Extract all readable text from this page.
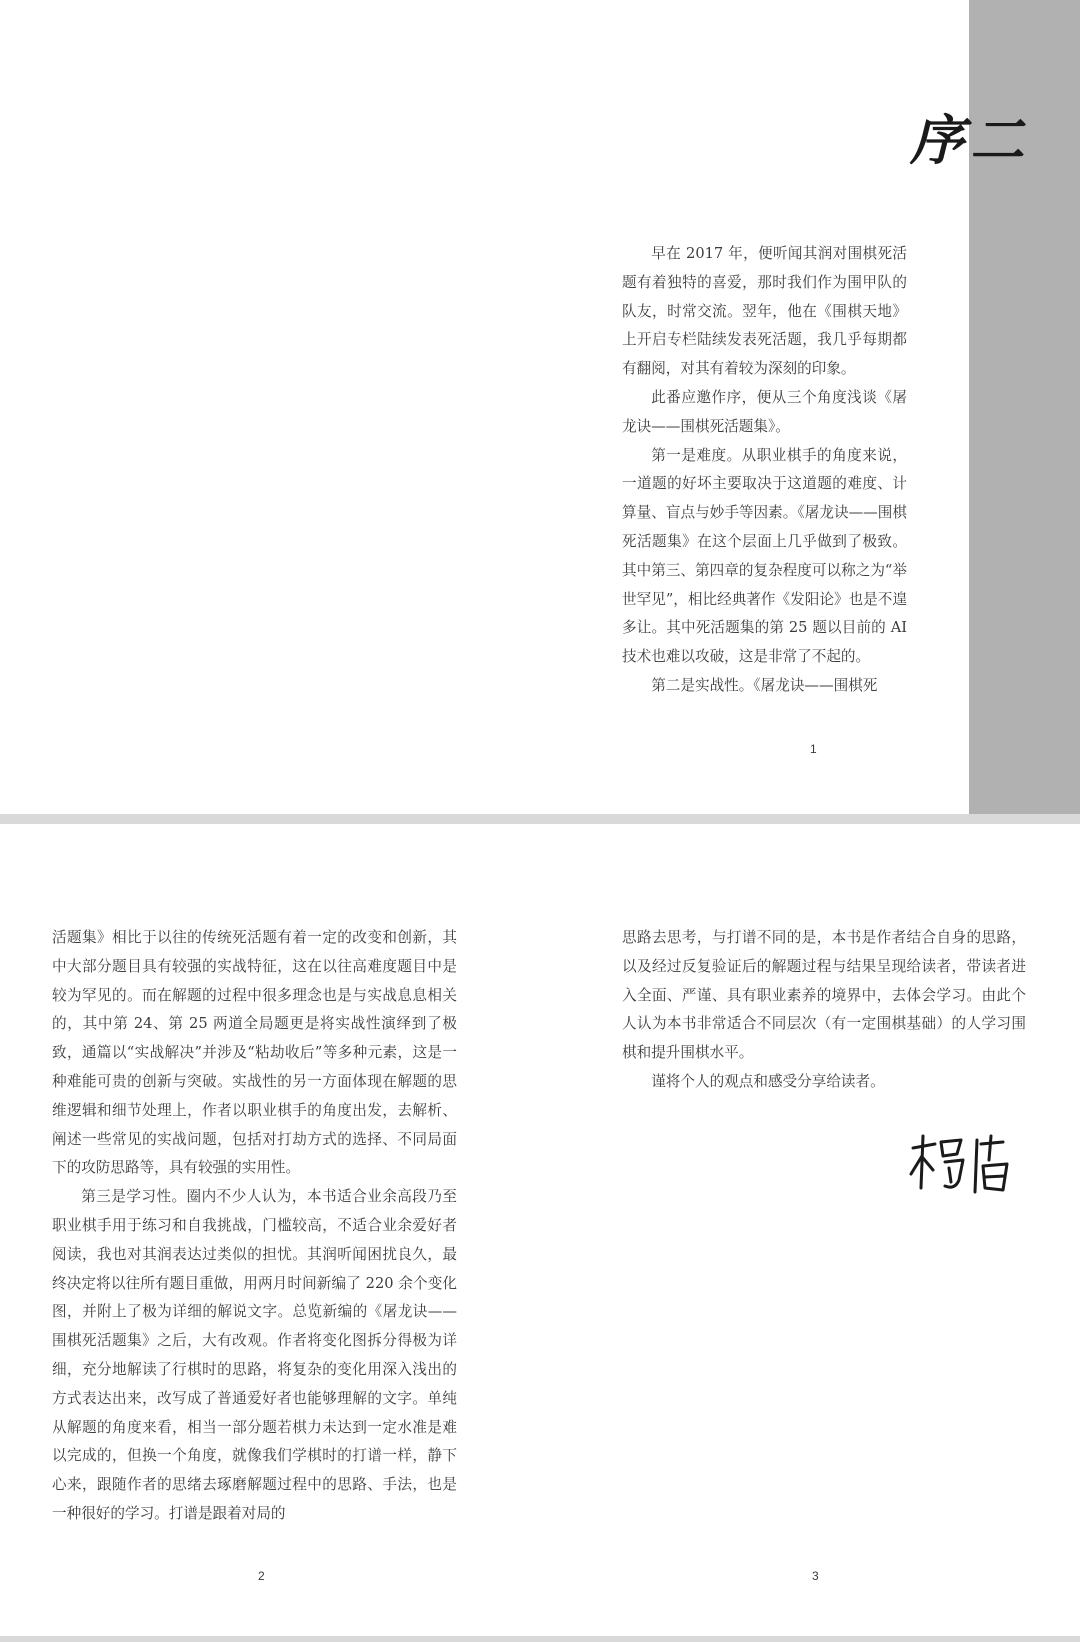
序二

早在 2017 年，便听闻其润对围棋死活题有着独特的喜爱，那时我们作为围甲队的队友，时常交流。翌年，他在《围棋天地》上开启专栏陆续发表死活题，我几乎每期都有翻阅，对其有着较为深刻的印象。

此番应邀作序，便从三个角度浅谈《屠龙诀——围棋死活题集》。

第一是难度。从职业棋手的角度来说，一道题的好坏主要取决于这道题的难度、计算量、盲点与妙手等因素。《屠龙诀——围棋死活题集》在这个层面上几乎做到了极致。其中第三、第四章的复杂程度可以称之为“举世罕见”，相比经典著作《发阳论》也是不遑多让。其中死活题集的第 25 题以目前的 AI 技术也难以攻破，这是非常了不起的。

第二是实战性。《屠龙诀——围棋死

1

活题集》相比于以往的传统死活题有着一定的改变和创新，其中大部分题目具有较强的实战特征，这在以往高难度题目中是较为罕见的。而在解题的过程中很多理念也是与实战息息相关的，其中第 24、第 25 两道全局题更是将实战性演绎到了极致，通篇以“实战解决”并涉及“粘劫收后”等多种元素，这是一种难能可贵的创新与突破。实战性的另一方面体现在解题的思维逻辑和细节处理上，作者以职业棋手的角度出发，去解析、阐述一些常见的实战问题，包括对打劫方式的选择、不同局面下的攻防思路等，具有较强的实用性。

第三是学习性。圈内不少人认为，本书适合业余高段乃至职业棋手用于练习和自我挑战，门槛较高，不适合业余爱好者阅读，我也对其润表达过类似的担忧。其润听闻困扰良久，最终决定将以往所有题目重做，用两月时间新编了 220 余个变化图，并附上了极为详细的解说文字。总览新编的《屠龙诀——围棋死活题集》之后，大有改观。作者将变化图拆分得极为详细，充分地解读了行棋时的思路，将复杂的变化用深入浅出的方式表达出来，改写成了普通爱好者也能够理解的文字。单纯从解题的角度来看，相当一部分题若棋力未达到一定水准是难以完成的，但换一个角度，就像我们学棋时的打谱一样，静下心来，跟随作者的思绪去琢磨解题过程中的思路、手法，也是一种很好的学习。打谱是跟着对局的

2

思路去思考，与打谱不同的是，本书是作者结合自身的思路，以及经过反复验证后的解题过程与结果呈现给读者，带读者进入全面、严谨、具有职业素养的境界中，去体会学习。由此个人认为本书非常适合不同层次（有一定围棋基础）的人学习围棋和提升围棋水平。

谨将个人的观点和感受分享给读者。

3
